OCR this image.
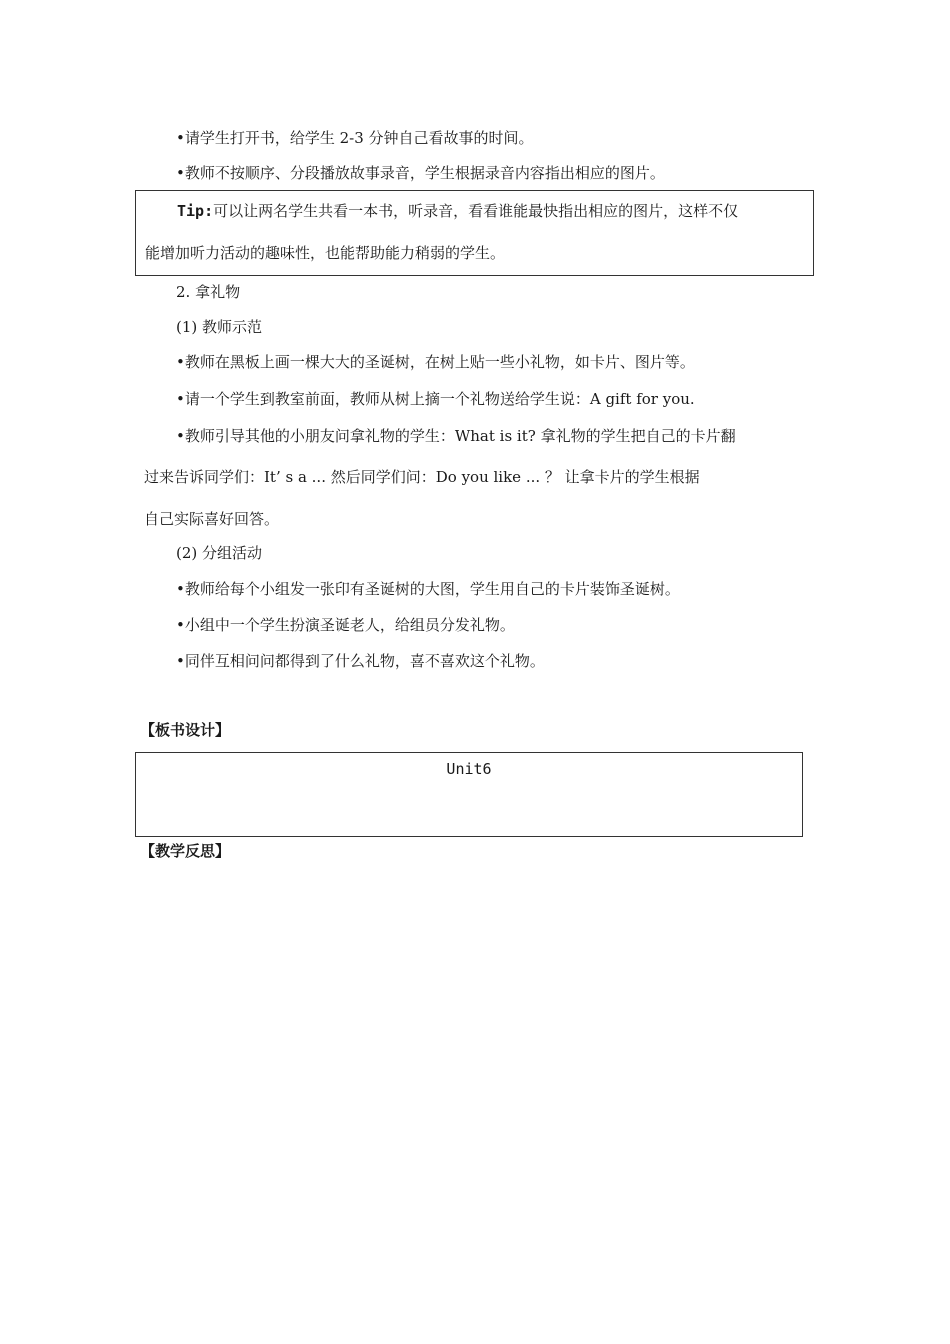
•请学生打开书，给学生 2-3 分钟自己看故事的时间。
•教师不按顺序、分段播放故事录音，学生根据录音内容指出相应的图片。
Tip:可以让两名学生共看一本书，听录音，看看谁能最快指出相应的图片，这样不仅
能增加听力活动的趣味性，也能帮助能力稍弱的学生。
2. 拿礼物
(1) 教师示范
•教师在黑板上画一棵大大的圣诞树，在树上贴一些小礼物，如卡片、图片等。
•请一个学生到教室前面，教师从树上摘一个礼物送给学生说：A gift for you.
•教师引导其他的小朋友问拿礼物的学生：What is it? 拿礼物的学生把自己的卡片翻
过来告诉同学们：It’ s a ... 然后同学们问：Do you like ... ？ 让拿卡片的学生根据
自己实际喜好回答。
(2) 分组活动
•教师给每个小组发一张印有圣诞树的大图，学生用自己的卡片装饰圣诞树。
•小组中一个学生扮演圣诞老人，给组员分发礼物。
•同伴互相问问都得到了什么礼物，喜不喜欢这个礼物。
【板书设计】
Unit6
【教学反思】
